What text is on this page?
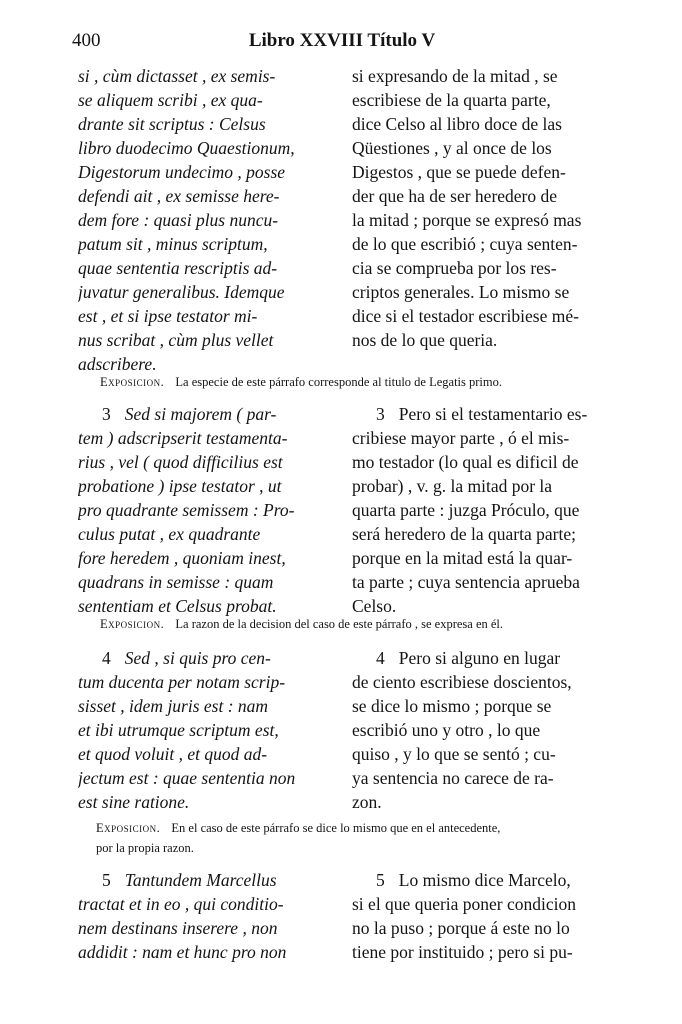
400	Libro XXVIII Título V
si , cùm dictasset , ex semis-
se aliquem scribi , ex qua-
drante sit scriptus : Celsus
libro duodecimo Quaestionum,
Digestorum undecimo , posse
defendi ait , ex semisse here-
dem fore : quasi plus nuncu-
patum sit , minus scriptum,
quae sententia rescriptis ad-
juvatur generalibus. Idemque
est , et si ipse testator mi-
nus scribat , cùm plus vellet
adscribere.
si expresando de la mitad , se
escribiese de la quarta parte,
dice Celso al libro doce de las
Qüestiones , y al once de los
Digestos , que se puede defen-
der que ha de ser heredero de
la mitad ; porque se expresó mas
de lo que escribió ; cuya senten-
cia se comprueba por los res-
criptos generales. Lo mismo se
dice si el testador escribiese mé-
nos de lo que queria.
Exposicion. La especie de este párrafo corresponde al titulo de Legatis primo.
3 Sed si majorem ( par-
tem ) adscripserit testamenta-
rius , vel ( quod difficilius est
probatione ) ipse testator , ut
pro quadrante semissem : Pro-
culus putat , ex quadrante
fore heredem , quoniam inest,
quadrans in semisse : quam
sententiam et Celsus probat.
3 Pero si el testamentario es-
cribiese mayor parte , ó el mis-
mo testador (lo qual es dificil de
probar) , v. g. la mitad por la
quarta parte : juzga Próculo, que
será heredero de la quarta parte;
porque en la mitad está la quar-
ta parte ; cuya sentencia aprueba
Celso.
Exposicion. La razon de la decision del caso de este párrafo , se expresa en él.
4 Sed , si quis pro cen-
tum ducenta per notam scrip-
sisset , idem juris est : nam
et ibi utrumque scriptum est,
et quod voluit , et quod ad-
jectum est : quae sententia non
est sine ratione.
4 Pero si alguno en lugar
de ciento escribiese doscientos,
se dice lo mismo ; porque se
escribió uno y otro , lo que
quiso , y lo que se sentó ; cu-
ya sentencia no carece de ra-
zon.
Exposicion. En el caso de este párrafo se dice lo mismo que en el antecedente,
por la propia razon.
5 Tantundem Marcellus
tractat et in eo , qui conditio-
nem destinans inserere , non
addidit : nam et hunc pro non
5 Lo mismo dice Marcelo,
si el que queria poner condicion
no la puso ; porque á este no lo
tiene por instituido ; pero si pu-
